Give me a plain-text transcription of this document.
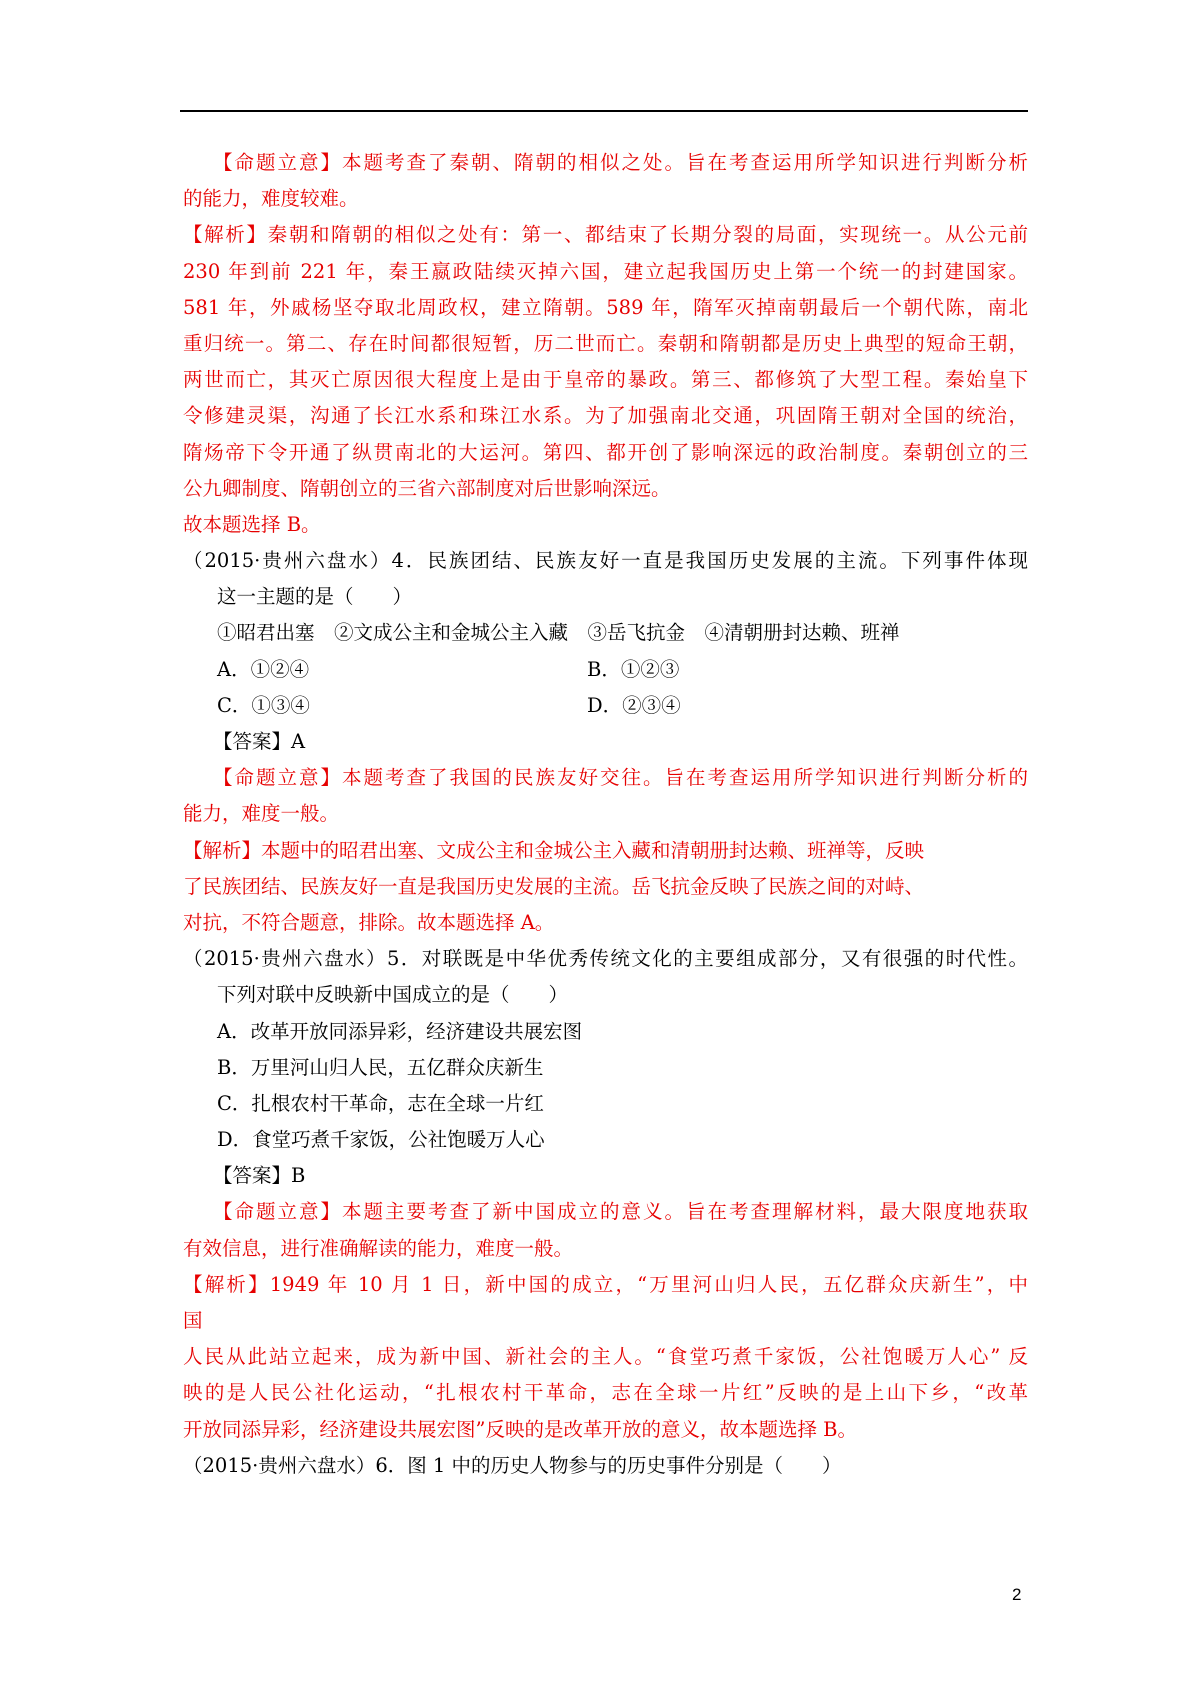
【命题立意】本题考查了秦朝、隋朝的相似之处。旨在考查运用所学知识进行判断分析
的能力，难度较难。
【解析】秦朝和隋朝的相似之处有：第一、都结束了长期分裂的局面，实现统一。从公元前
230 年到前 221 年，秦王嬴政陆续灭掉六国，建立起我国历史上第一个统一的封建国家。
581 年，外戚杨坚夺取北周政权，建立隋朝。589 年，隋军灭掉南朝最后一个朝代陈，南北
重归统一。第二、存在时间都很短暂，历二世而亡。秦朝和隋朝都是历史上典型的短命王朝，
两世而亡，其灭亡原因很大程度上是由于皇帝的暴政。第三、都修筑了大型工程。秦始皇下
令修建灵渠，沟通了长江水系和珠江水系。为了加强南北交通，巩固隋王朝对全国的统治，
隋炀帝下令开通了纵贯南北的大运河。第四、都开创了影响深远的政治制度。秦朝创立的三
公九卿制度、隋朝创立的三省六部制度对后世影响深远。
故本题选择 B。
（2015·贵州六盘水）4．民族团结、民族友好一直是我国历史发展的主流。下列事件体现
这一主题的是（　　）
①昭君出塞　②文成公主和金城公主入藏　③岳飞抗金　④清朝册封达赖、班禅
A．①②④	B．①②③
C．①③④	D．②③④
【答案】A
【命题立意】本题考查了我国的民族友好交往。旨在考查运用所学知识进行判断分析的
能力，难度一般。
【解析】本题中的昭君出塞、文成公主和金城公主入藏和清朝册封达赖、班禅等，反映
了民族团结、民族友好一直是我国历史发展的主流。岳飞抗金反映了民族之间的对峙、
对抗，不符合题意，排除。故本题选择 A。
（2015·贵州六盘水）5．对联既是中华优秀传统文化的主要组成部分，又有很强的时代性。
下列对联中反映新中国成立的是（　　）
A．改革开放同添异彩，经济建设共展宏图
B．万里河山归人民，五亿群众庆新生
C．扎根农村干革命，志在全球一片红
D．食堂巧煮千家饭，公社饱暖万人心
【答案】B
【命题立意】本题主要考查了新中国成立的意义。旨在考查理解材料，最大限度地获取
有效信息，进行准确解读的能力，难度一般。
【解析】1949 年 10 月 1 日，新中国的成立，“万里河山归人民，五亿群众庆新生”，中
国
人民从此站立起来，成为新中国、新社会的主人。“食堂巧煮千家饭，公社饱暖万人心” 反
映的是人民公社化运动，“扎根农村干革命，志在全球一片红”反映的是上山下乡，“改革
开放同添异彩，经济建设共展宏图”反映的是改革开放的意义，故本题选择 B。
（2015·贵州六盘水）6．图 1 中的历史人物参与的历史事件分别是（　　）
2
